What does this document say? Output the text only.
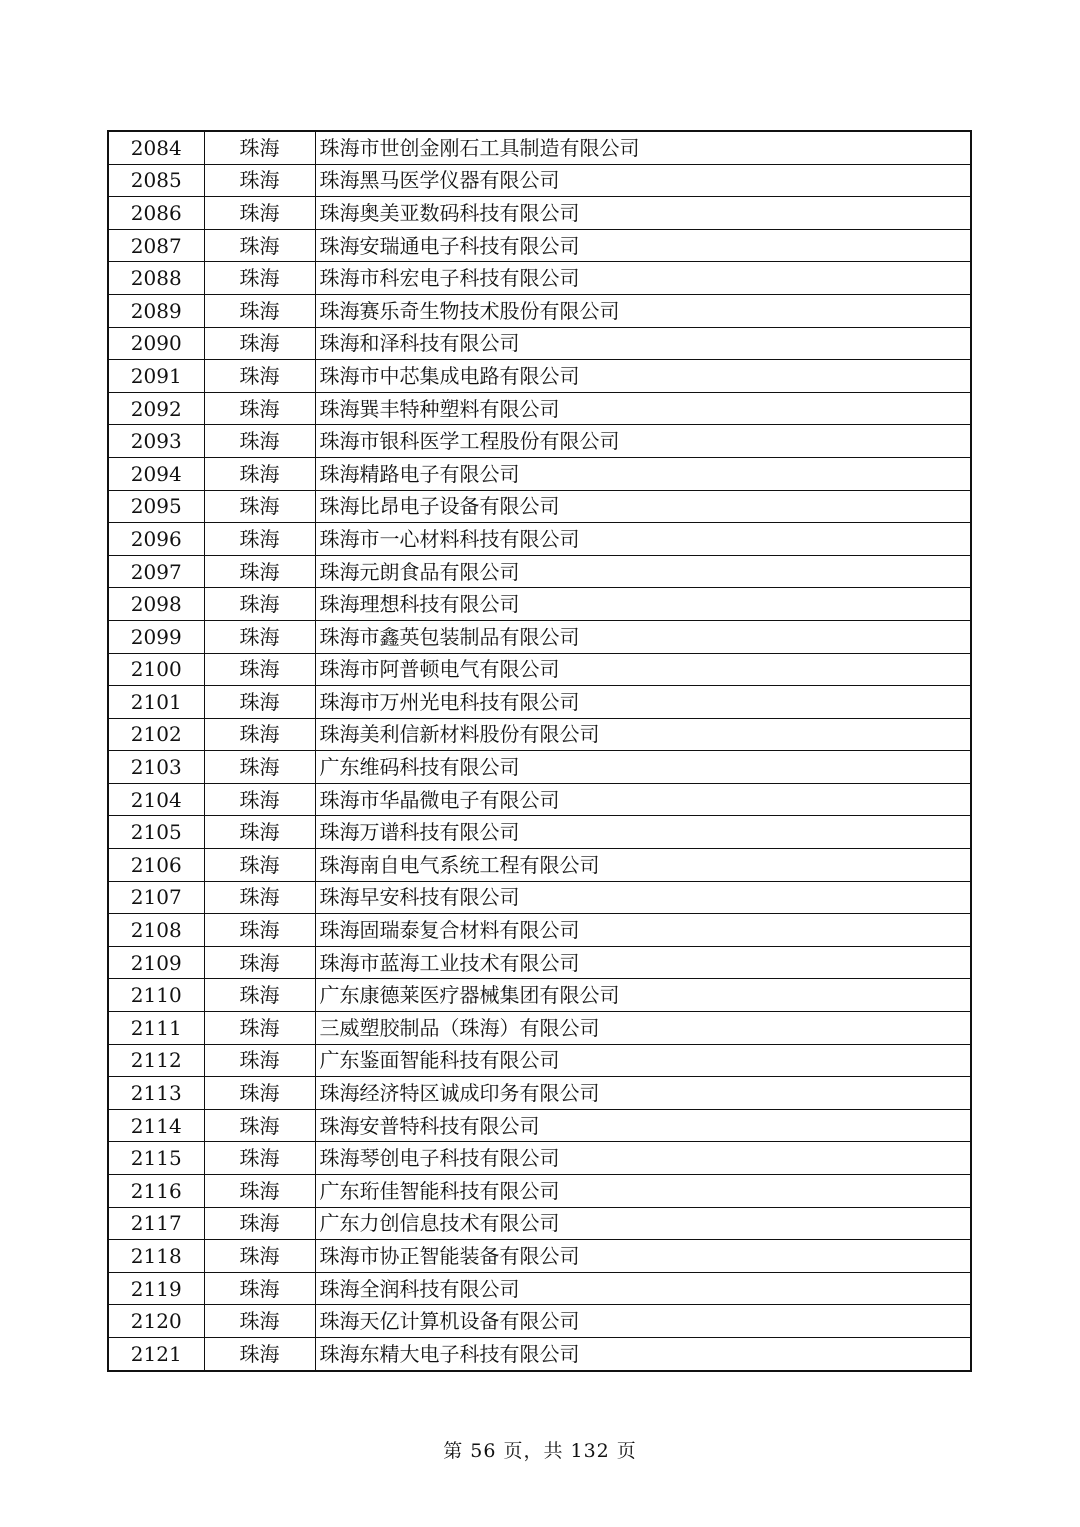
2084	珠海	珠海市世创金刚石工具制造有限公司
2085	珠海	珠海黑马医学仪器有限公司
2086	珠海	珠海奥美亚数码科技有限公司
2087	珠海	珠海安瑞通电子科技有限公司
2088	珠海	珠海市科宏电子科技有限公司
2089	珠海	珠海赛乐奇生物技术股份有限公司
2090	珠海	珠海和泽科技有限公司
2091	珠海	珠海市中芯集成电路有限公司
2092	珠海	珠海巽丰特种塑料有限公司
2093	珠海	珠海市银科医学工程股份有限公司
2094	珠海	珠海精路电子有限公司
2095	珠海	珠海比昂电子设备有限公司
2096	珠海	珠海市一心材料科技有限公司
2097	珠海	珠海元朗食品有限公司
2098	珠海	珠海理想科技有限公司
2099	珠海	珠海市鑫英包装制品有限公司
2100	珠海	珠海市阿普顿电气有限公司
2101	珠海	珠海市万州光电科技有限公司
2102	珠海	珠海美利信新材料股份有限公司
2103	珠海	广东维码科技有限公司
2104	珠海	珠海市华晶微电子有限公司
2105	珠海	珠海万谱科技有限公司
2106	珠海	珠海南自电气系统工程有限公司
2107	珠海	珠海早安科技有限公司
2108	珠海	珠海固瑞泰复合材料有限公司
2109	珠海	珠海市蓝海工业技术有限公司
2110	珠海	广东康德莱医疗器械集团有限公司
2111	珠海	三威塑胶制品（珠海）有限公司
2112	珠海	广东鉴面智能科技有限公司
2113	珠海	珠海经济特区诚成印务有限公司
2114	珠海	珠海安普特科技有限公司
2115	珠海	珠海琴创电子科技有限公司
2116	珠海	广东珩佳智能科技有限公司
2117	珠海	广东力创信息技术有限公司
2118	珠海	珠海市协正智能装备有限公司
2119	珠海	珠海全润科技有限公司
2120	珠海	珠海天亿计算机设备有限公司
2121	珠海	珠海东精大电子科技有限公司
第 56 页，共 132 页
